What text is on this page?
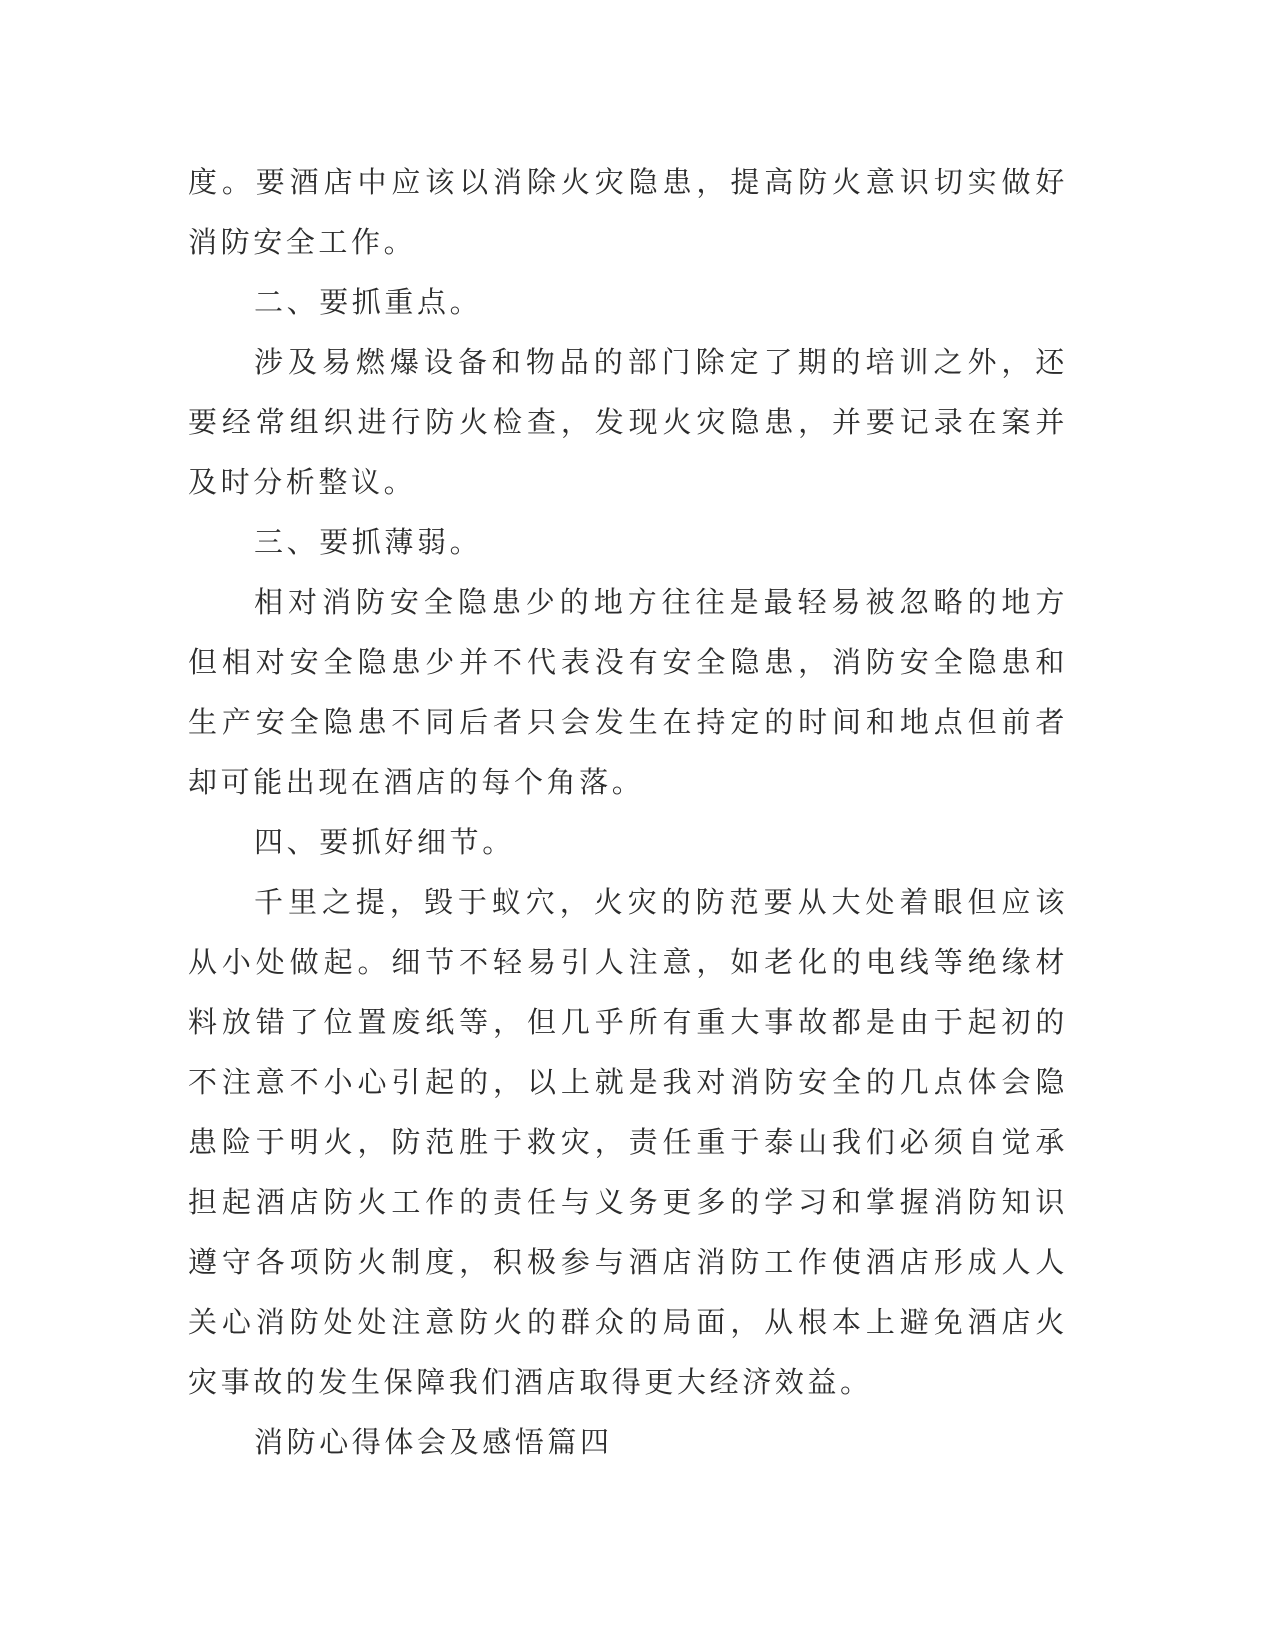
度。要酒店中应该以消除火灾隐患，提高防火意识切实做好消防安全工作。

二、要抓重点。

涉及易燃爆设备和物品的部门除定了期的培训之外，还要经常组织进行防火检查，发现火灾隐患，并要记录在案并及时分析整议。

三、要抓薄弱。

相对消防安全隐患少的地方往往是最轻易被忽略的地方但相对安全隐患少并不代表没有安全隐患，消防安全隐患和生产安全隐患不同后者只会发生在持定的时间和地点但前者却可能出现在酒店的每个角落。

四、要抓好细节。

千里之提，毁于蚁穴，火灾的防范要从大处着眼但应该从小处做起。细节不轻易引人注意，如老化的电线等绝缘材料放错了位置废纸等，但几乎所有重大事故都是由于起初的不注意不小心引起的，以上就是我对消防安全的几点体会隐患险于明火，防范胜于救灾，责任重于泰山我们必须自觉承担起酒店防火工作的责任与义务更多的学习和掌握消防知识遵守各项防火制度，积极参与酒店消防工作使酒店形成人人关心消防处处注意防火的群众的局面，从根本上避免酒店火灾事故的发生保障我们酒店取得更大经济效益。

消防心得体会及感悟篇四
